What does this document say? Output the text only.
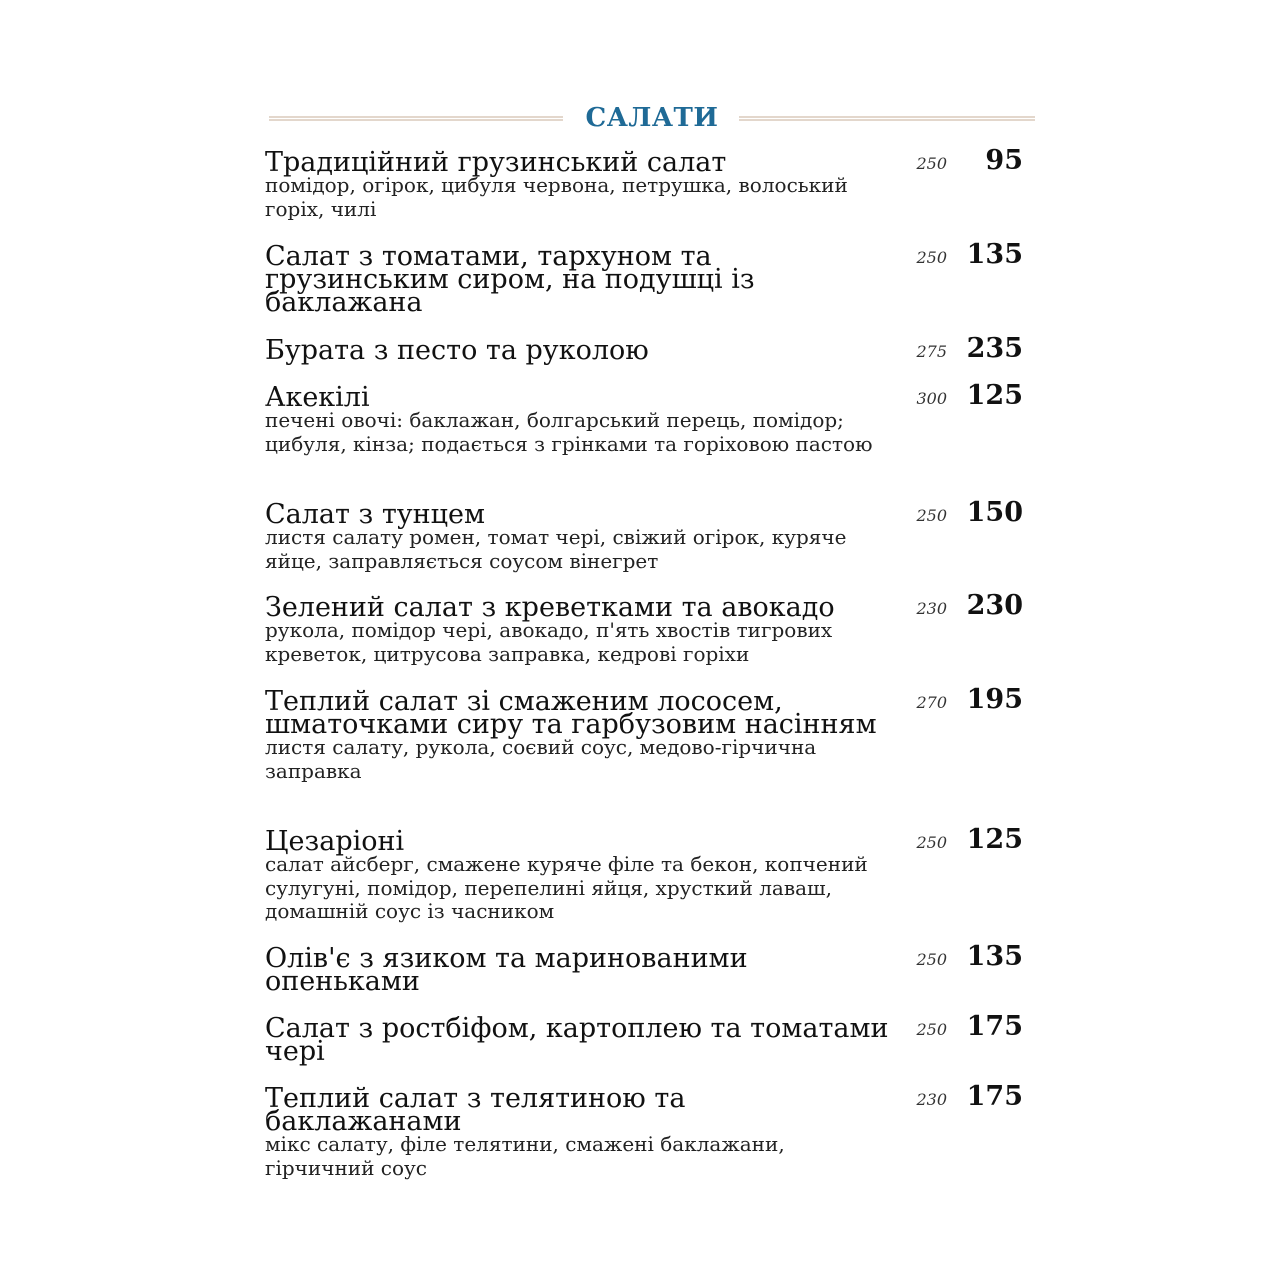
САЛАТИ
Традиційний грузинський салат
помідор, огірок, цибуля червона, петрушка, волоський горіх, чилі
250 95
Салат з томатами, тархуном та грузинським сиром, на подушці із баклажана
250 135
Бурата з песто та руколою	275 235
Акекілі
печені овочі: баклажан, болгарський перець, помідор; цибуля, кінза; подається з грінками та горіховою пастою
300 125
Салат з тунцем
листя салату ромен, томат чері, свіжий огірок, куряче яйце, заправляється соусом вінегрет
250 150
Зелений салат з креветками та авокадо
рукола, помідор чері, авокадо, п'ять хвостів тигрових креветок, цитрусова заправка, кедрові горіхи
230 230
Теплий салат зі смаженим лососем, шматочками сиру та гарбузовим насінням
листя салату, рукола, соєвий соус, медово-гірчична заправка
270 195
Цезаріоні
салат айсберг, смажене куряче філе та бекон, копчений сулугуні, помідор, перепелині яйця, хрусткий лаваш, домашній соус із часником
250 125
Олів'є з язиком та маринованими опеньками
250 135
Салат з ростбіфом, картоплею та томатами чері
250 175
Теплий салат з телятиною та баклажанами
мікс салату, філе телятини, смажені баклажани, гірчичний соус
230 175
